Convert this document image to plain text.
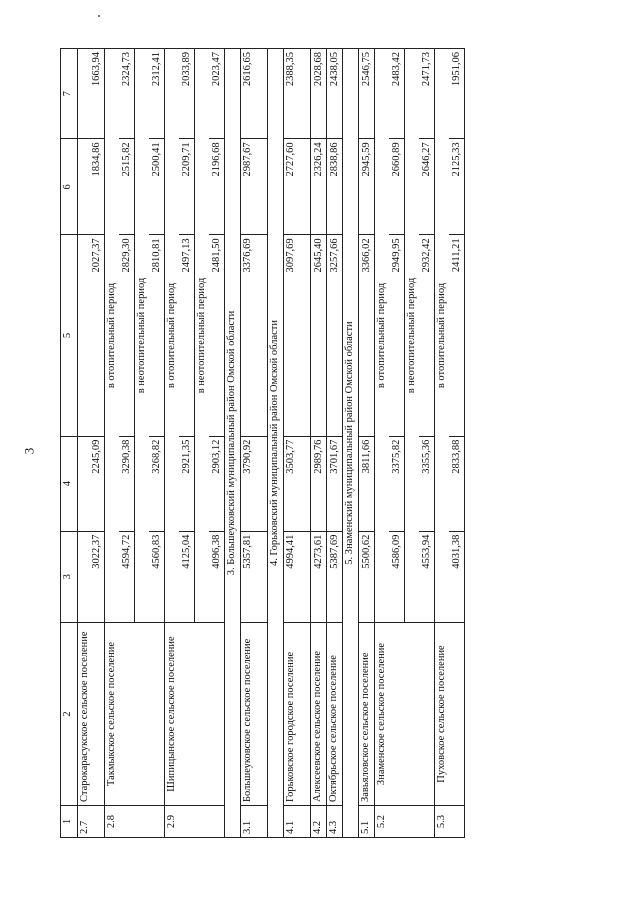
3
1	2	3	4	5	6	7
2.7	Старокарасукское сельское поселение	3022,37	2245,09	2027,37	1834,86	1663,94
2.8	Такмыкское сельское поселение	в отопительный период				
		4594,72	3290,38	2829,30	2515,82	2324,73
		в неотопительный период				
		4560,83	3268,82	2810,81	2500,41	2312,41
2.9	Шипицынское сельское поселение	в отопительный период				
		4125,04	2921,35	2497,13	2209,71	2033,89
		в неотопительный период				
		4096,38	2903,12	2481,50	2196,68	2023,47
3. Большеуковский муниципальный район Омской области						
3.1	Большеуковское сельское поселение	5357,81	3790,92	3376,69	2987,67	2616,65
4. Горьковский муниципальный район Омской области						
4.1	Горьковское городское поселение	4994,41	3503,77	3097,69	2727,60	2388,35
4.2	Алексеевское сельское поселение	4273,61	2989,76	2645,40	2326,24	2028,68
4.3	Октябрьское сельское поселение	5387,69	3701,67	3257,66	2838,86	2438,05
5. Знаменский муниципальный район Омской области						
5.1	Завьяловское сельское поселение	5500,62	3811,66	3366,02	2945,59	2546,75
5.2	Знаменское сельское поселение	в отопительный период				
		4586,09	3375,82	2949,95	2660,89	2483,42
		в неотопительный период				
		4553,94	3355,36	2932,42	2646,27	2471,73
5.3	Пуховское сельское поселение	в отопительный период				
		4031,38	2833,88	2411,21	2125,33	1951,06
